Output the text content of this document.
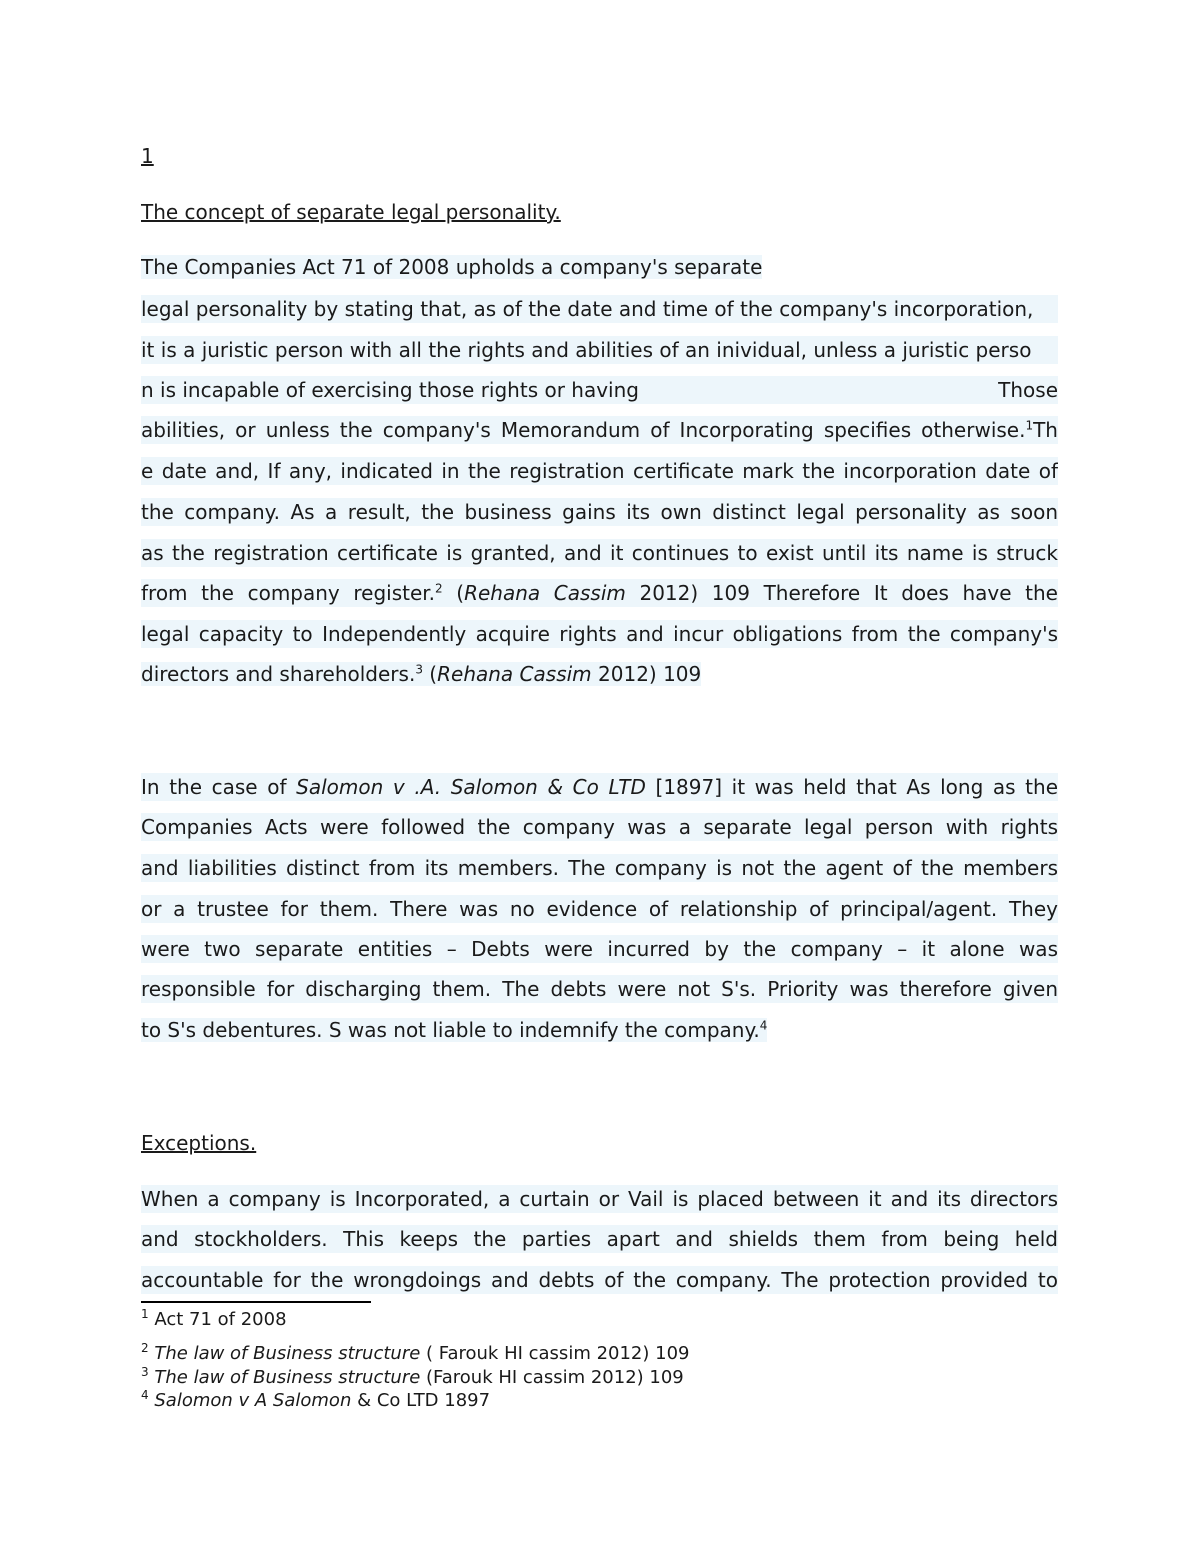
1
The concept of separate legal personality.
The Companies Act 71 of 2008 upholds a company's separate
legal personality by stating that, as of the date and time of the company's incorporation,
it is a juristic person with all the rights and abilities of an inividual, unless a juristic perso
n is incapable of exercising those rights or having	Those
abilities, or unless the company's Memorandum of Incorporating specifies otherwise.$^1$Th
e date and, If any, indicated in the registration certificate mark the incorporation date of
the company. As a result, the business gains its own distinct legal personality as soon
as the registration certificate is granted, and it continues to exist until its name is struck
from the company register.$^2$ (Rehana Cassim 2012) 109 Therefore It does have the
legal capacity to Independently acquire rights and incur obligations from the company's
directors and shareholders.$^3$ (Rehana Cassim 2012) 109
In the case of Salomon v .A. Salomon & Co LTD [1897] it was held that As long as the
Companies Acts were followed the company was a separate legal person with rights
and liabilities distinct from its members. The company is not the agent of the members
or a trustee for them. There was no evidence of relationship of principal/agent. They
were two separate entities – Debts were incurred by the company – it alone was
responsible for discharging them. The debts were not S's. Priority was therefore given
to S's debentures. S was not liable to indemnify the company.$^4$
Exceptions.
When a company is Incorporated, a curtain or Vail is placed between it and its directors
and stockholders. This keeps the parties apart and shields them from being held
accountable for the wrongdoings and debts of the company. The protection provided to
$^1$ Act 71 of 2008
$^2$ The law of Business structure ( Farouk HI cassim 2012) 109
$^3$ The law of Business structure (Farouk HI cassim 2012) 109
$^4$ Salomon v A Salomon & Co LTD 1897
